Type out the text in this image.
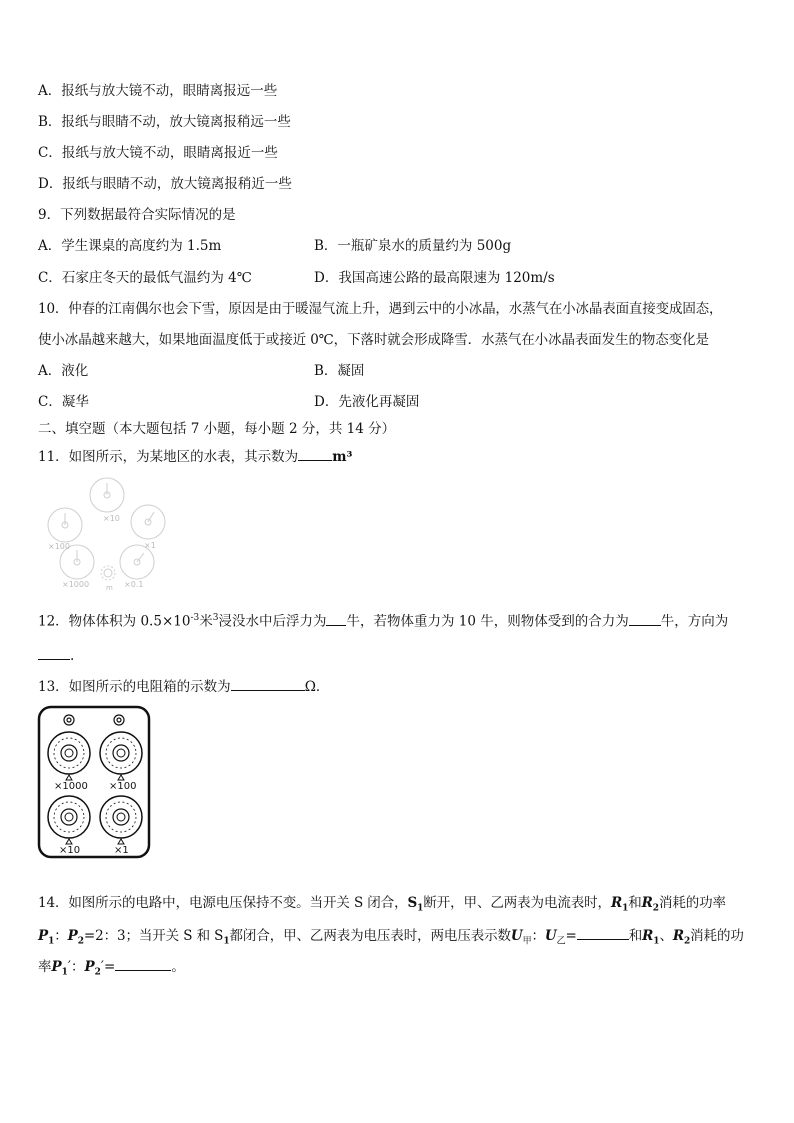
A．报纸与放大镜不动，眼睛离报远一些
B．报纸与眼睛不动，放大镜离报稍远一些
C．报纸与放大镜不动，眼睛离报近一些
D．报纸与眼睛不动，放大镜离报稍近一些
9．下列数据最符合实际情况的是
A．学生课桌的高度约为 1.5m	B．一瓶矿泉水的质量约为 500g
C．石家庄冬天的最低气温约为 4℃	D．我国高速公路的最高限速为 120m/s
10．仲春的江南偶尔也会下雪，原因是由于暖湿气流上升，遇到云中的小冰晶，水蒸气在小冰晶表面直接变成固态，
使小冰晶越来越大，如果地面温度低于或接近 0℃，下落时就会形成降雪．水蒸气在小冰晶表面发生的物态变化是
A．液化	B．凝固
C．凝华	D．先液化再凝固
二、填空题（本大题包括 7 小题，每小题 2 分，共 14 分）
11．如图所示，为某地区的水表，其示数为	m³
×10
×1
×100
×1000	×0.1
m
12．物体体积为 $0.5\times 10^{-3}$米$^3$浸没水中后浮力为 牛，若物体重力为 10 牛，则物体受到的合力为 牛，方向为
.
13．如图所示的电阻箱的示数为	Ω．
×1000 ×100
×10	×1
14．如图所示的电路中，电源电压保持不变。当开关 S 闭合，$S_1$断开，甲、乙两表为电流表时，$R_1$和$R_2$消耗的功率
$P_1$：$P_2=2$：3；当开关 S 和 $S_1$都闭合，甲、乙两表为电压表时，两电压表示数$U_甲$：$U_乙=$	和$R_1$、$R_2$消耗的功
率$P_1'$：$P_2'=$	。
